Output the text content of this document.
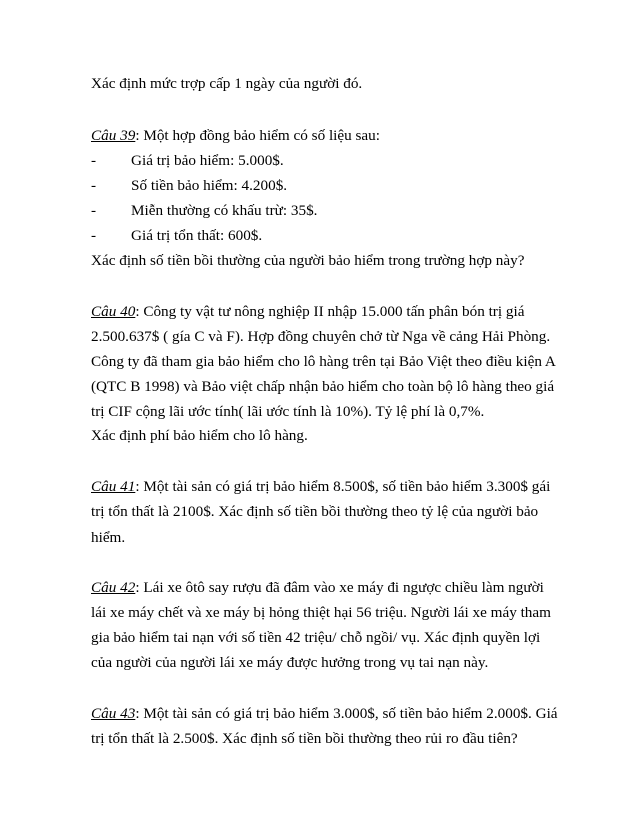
Xác định mức trợp cấp 1 ngày của người đó.
Câu 39: Một hợp đồng bảo hiểm có số liệu sau:
- Giá trị bảo hiểm: 5.000$.
- Số tiền bảo hiểm: 4.200$.
- Miễn thường có khấu trừ: 35$.
- Giá trị tổn thất: 600$.
Xác định số tiền bồi thường của người bảo hiểm trong trường hợp này?
Câu 40: Công ty vật tư nông nghiệp II nhập 15.000 tấn phân bón trị giá
2.500.637$ ( gía C và F). Hợp đồng chuyên chở từ Nga về cảng Hải Phòng.
Công ty đã tham gia bảo hiểm cho lô hàng trên tại Bảo Việt theo điều kiện A
(QTC B 1998) và Bảo việt chấp nhận bảo hiểm cho toàn bộ lô hàng theo giá
trị CIF cộng lãi ước tính( lãi ước tính là 10%). Tỷ lệ phí là 0,7%.
Xác định phí bảo hiểm cho lô hàng.
Câu 41: Một tài sản có giá trị bảo hiểm 8.500$, số tiền bảo hiểm 3.300$ gái
trị tổn thất là 2100$. Xác định số tiền bồi thường theo tỷ lệ của người bảo
hiểm.
Câu 42: Lái xe ôtô say rượu đã đâm vào xe máy đi ngược chiều làm người
lái xe máy chết và xe máy bị hỏng thiệt hại 56 triệu. Người lái xe máy tham
gia bảo hiểm tai nạn với số tiền 42 triệu/ chỗ ngồi/ vụ. Xác định quyền lợi
của người của người lái xe máy được hưởng trong vụ tai nạn này.
Câu 43: Một tài sản có giá trị bảo hiểm 3.000$, số tiền bảo hiểm 2.000$. Giá
trị tổn thất là 2.500$. Xác định số tiền bồi thường theo rủi ro đầu tiên?
